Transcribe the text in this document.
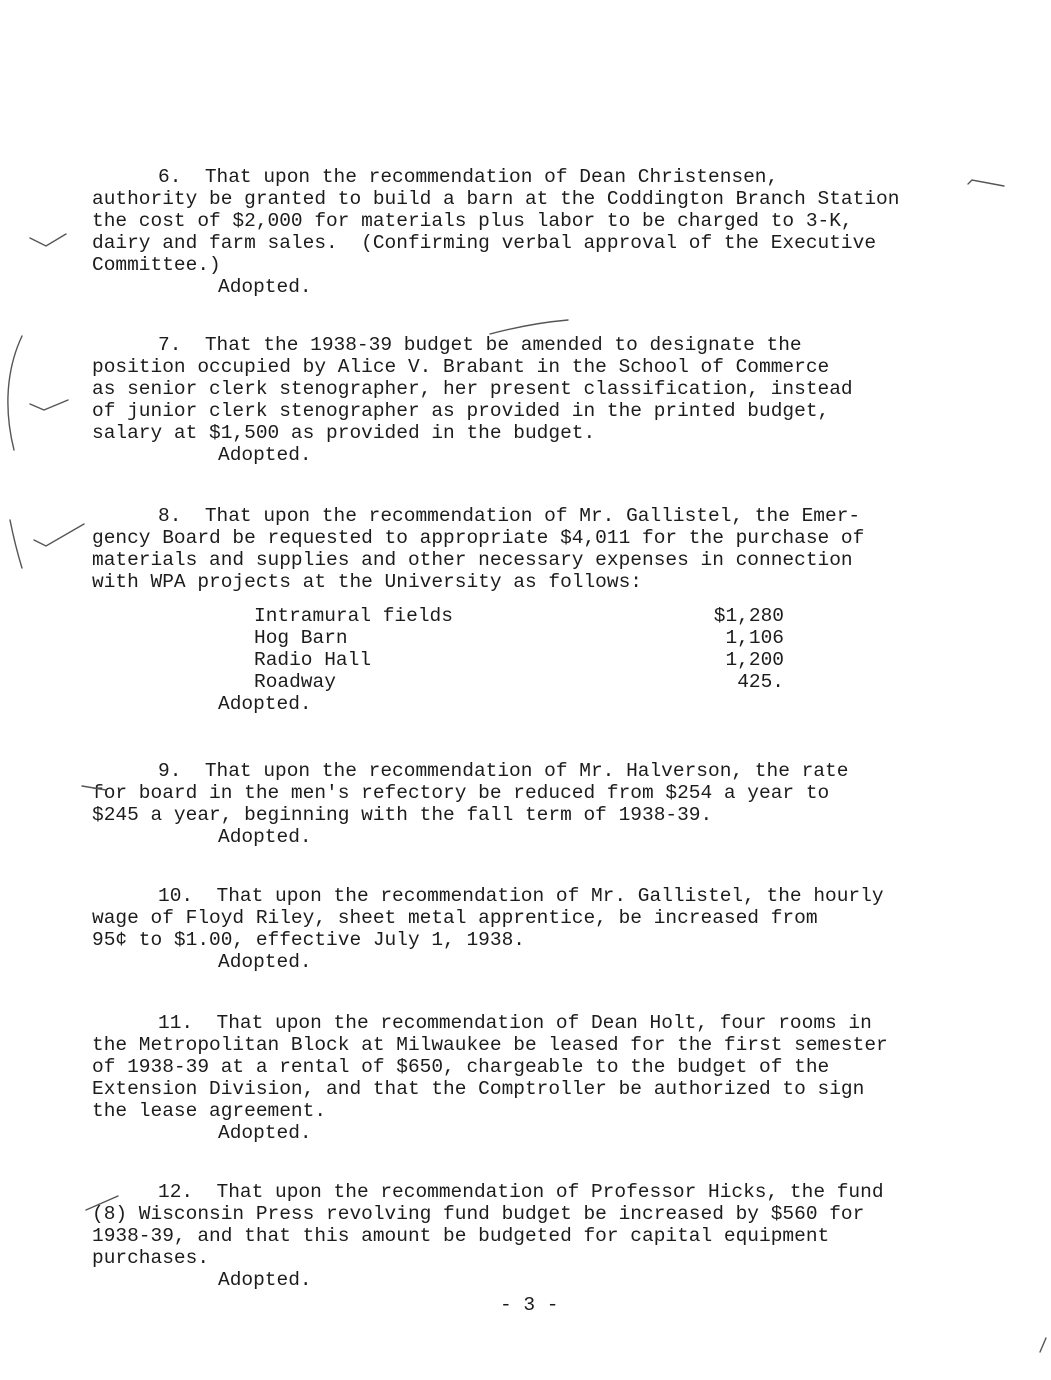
6. That upon the recommendation of Dean Christensen,
authority be granted to build a barn at the Coddington Branch Station
the cost of $2,000 for materials plus labor to be charged to 3-K,
dairy and farm sales.  (Confirming verbal approval of the Executive
Committee.)
Adopted.
7. That the 1938-39 budget be amended to designate the
position occupied by Alice V. Brabant in the School of Commerce
as senior clerk stenographer, her present classification, instead
of junior clerk stenographer as provided in the printed budget,
salary at $1,500 as provided in the budget.
Adopted.
8. That upon the recommendation of Mr. Gallistel, the Emer-
gency Board be requested to appropriate $4,011 for the purchase of
materials and supplies and other necessary expenses in connection
with WPA projects at the University as follows:
Intramural fields	$1,280
Hog Barn	1,106
Radio Hall	1,200
Roadway	425.
Adopted.
9. That upon the recommendation of Mr. Halverson, the rate
for board in the men's refectory be reduced from $254 a year to
$245 a year, beginning with the fall term of 1938-39.
Adopted.
10. That upon the recommendation of Mr. Gallistel, the hourly
wage of Floyd Riley, sheet metal apprentice, be increased from
95¢ to $1.00, effective July 1, 1938.
Adopted.
11. That upon the recommendation of Dean Holt, four rooms in
the Metropolitan Block at Milwaukee be leased for the first semester
of 1938-39 at a rental of $650, chargeable to the budget of the
Extension Division, and that the Comptroller be authorized to sign
the lease agreement.
Adopted.
12. That upon the recommendation of Professor Hicks, the fund
(8) Wisconsin Press revolving fund budget be increased by $560 for
1938-39, and that this amount be budgeted for capital equipment
purchases.
Adopted.
- 3 -
